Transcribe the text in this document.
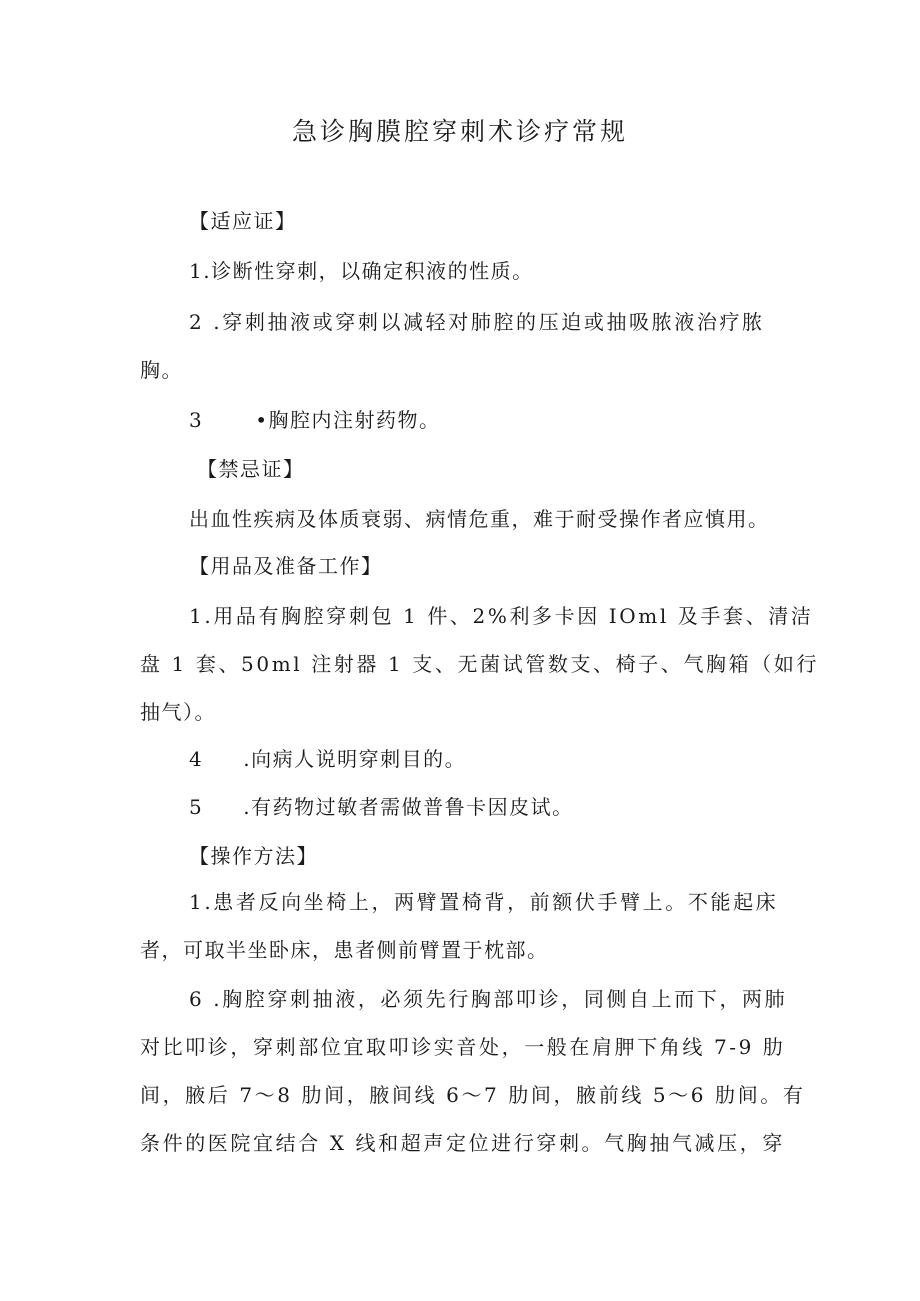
急诊胸膜腔穿刺术诊疗常规
【适应证】
1.诊断性穿刺，以确定积液的性质。
2 .穿刺抽液或穿刺以减轻对肺腔的压迫或抽吸脓液治疗脓
胸。
3	•胸腔内注射药物。
【禁忌证】
出血性疾病及体质衰弱、病情危重，难于耐受操作者应慎用。
【用品及准备工作】
1.用品有胸腔穿刺包 1 件、2%利多卡因 IOml 及手套、清洁
盘 1 套、50ml 注射器 1 支、无菌试管数支、椅子、气胸箱（如行
抽气）。
4 .向病人说明穿刺目的。
5 .有药物过敏者需做普鲁卡因皮试。
【操作方法】
1.患者反向坐椅上，两臂置椅背，前额伏手臂上。不能起床
者，可取半坐卧床，患者侧前臂置于枕部。
6 .胸腔穿刺抽液，必须先行胸部叩诊，同侧自上而下，两肺
对比叩诊，穿刺部位宜取叩诊实音处，一般在肩胛下角线 7-9 肋
间，腋后 7～8 肋间，腋间线 6～7 肋间，腋前线 5～6 肋间。有
条件的医院宜结合 X 线和超声定位进行穿刺。气胸抽气减压，穿
